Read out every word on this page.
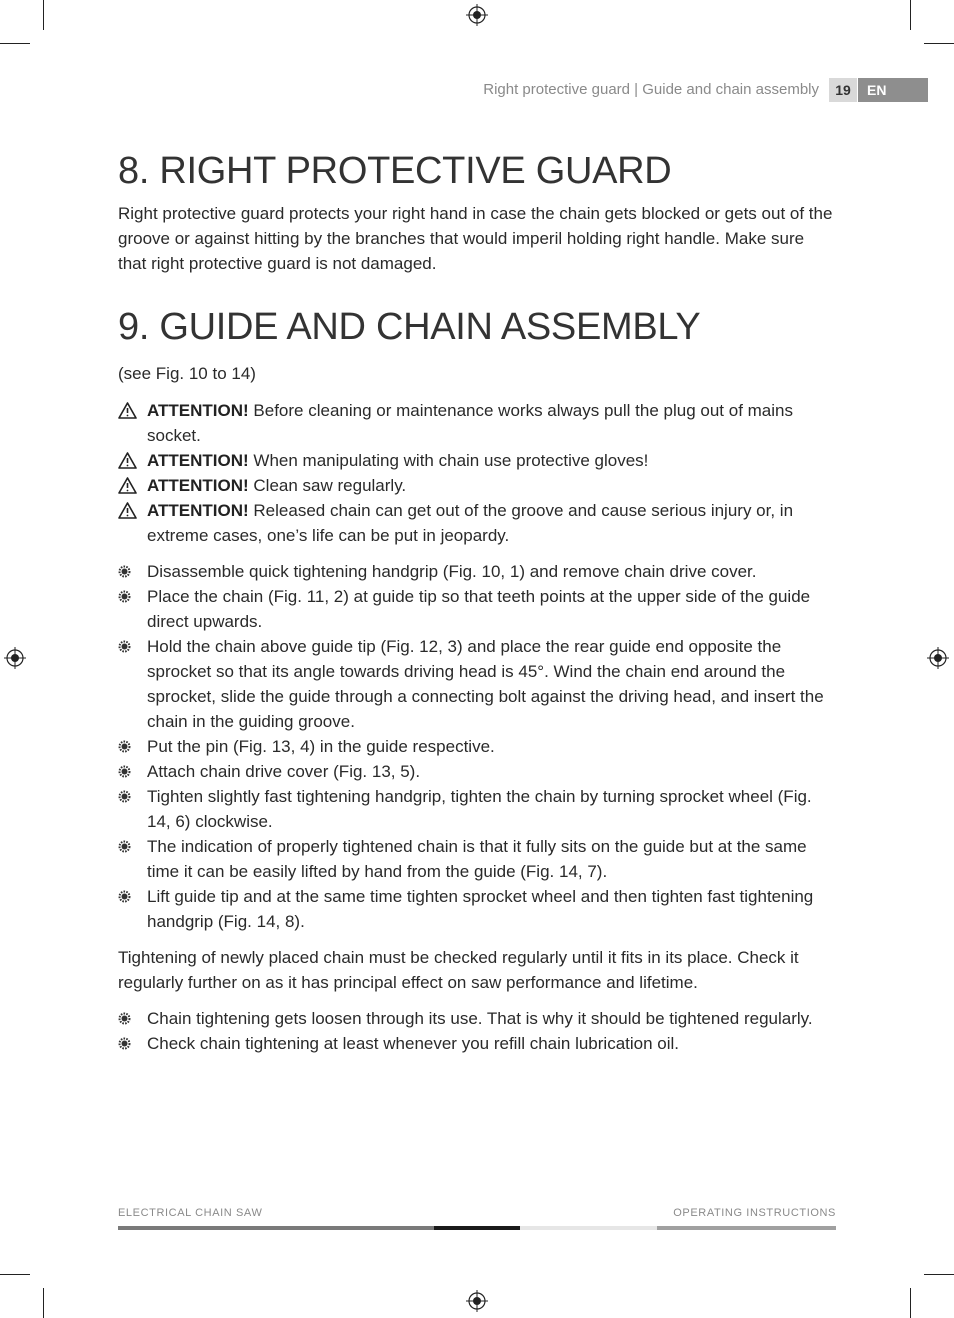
Right protective guard | Guide and chain assembly	19	EN
8. RIGHT PROTECTIVE GUARD

Right protective guard protects your right hand in case the chain gets blocked or gets out of the groove or against hitting by the branches that would imperil holding right handle. Make sure that right protective guard is not damaged.

9. GUIDE AND CHAIN ASSEMBLY

(see Fig. 10 to 14)

ATTENTION! Before cleaning or maintenance works always pull the plug out of mains socket.
ATTENTION! When manipulating with chain use protective gloves!
ATTENTION! Clean saw regularly.
ATTENTION! Released chain can get out of the groove and cause serious injury or, in extreme cases, one’s life can be put in jeopardy.
Disassemble quick tightening handgrip (Fig. 10, 1) and remove chain drive cover.
Place the chain (Fig. 11, 2) at guide tip so that teeth points at the upper side of the guide direct upwards.
Hold the chain above guide tip (Fig. 12, 3) and place the rear guide end opposite the sprocket so that its angle towards driving head is 45°. Wind the chain end around the sprocket, slide the guide through a connecting bolt against the driving head, and insert the chain in the guiding groove.
Put the pin (Fig. 13, 4) in the guide respective.
Attach chain drive cover (Fig. 13, 5).
Tighten slightly fast tightening handgrip, tighten the chain by turning sprocket wheel (Fig. 14, 6) clockwise.
The indication of properly tightened chain is that it fully sits on the guide but at the same time it can be easily lifted by hand from the guide (Fig. 14, 7).
Lift guide tip and at the same time tighten sprocket wheel and then tighten fast tightening handgrip (Fig. 14, 8).

Tightening of newly placed chain must be checked regularly until it fits in its place. Check it regularly further on as it has principal effect on saw performance and lifetime.

Chain tightening gets loosen through its use. That is why it should be tightened regularly.
Check chain tightening at least whenever you refill chain lubrication oil.
ELECTRICAL CHAIN SAW	OPERATING INSTRUCTIONS
